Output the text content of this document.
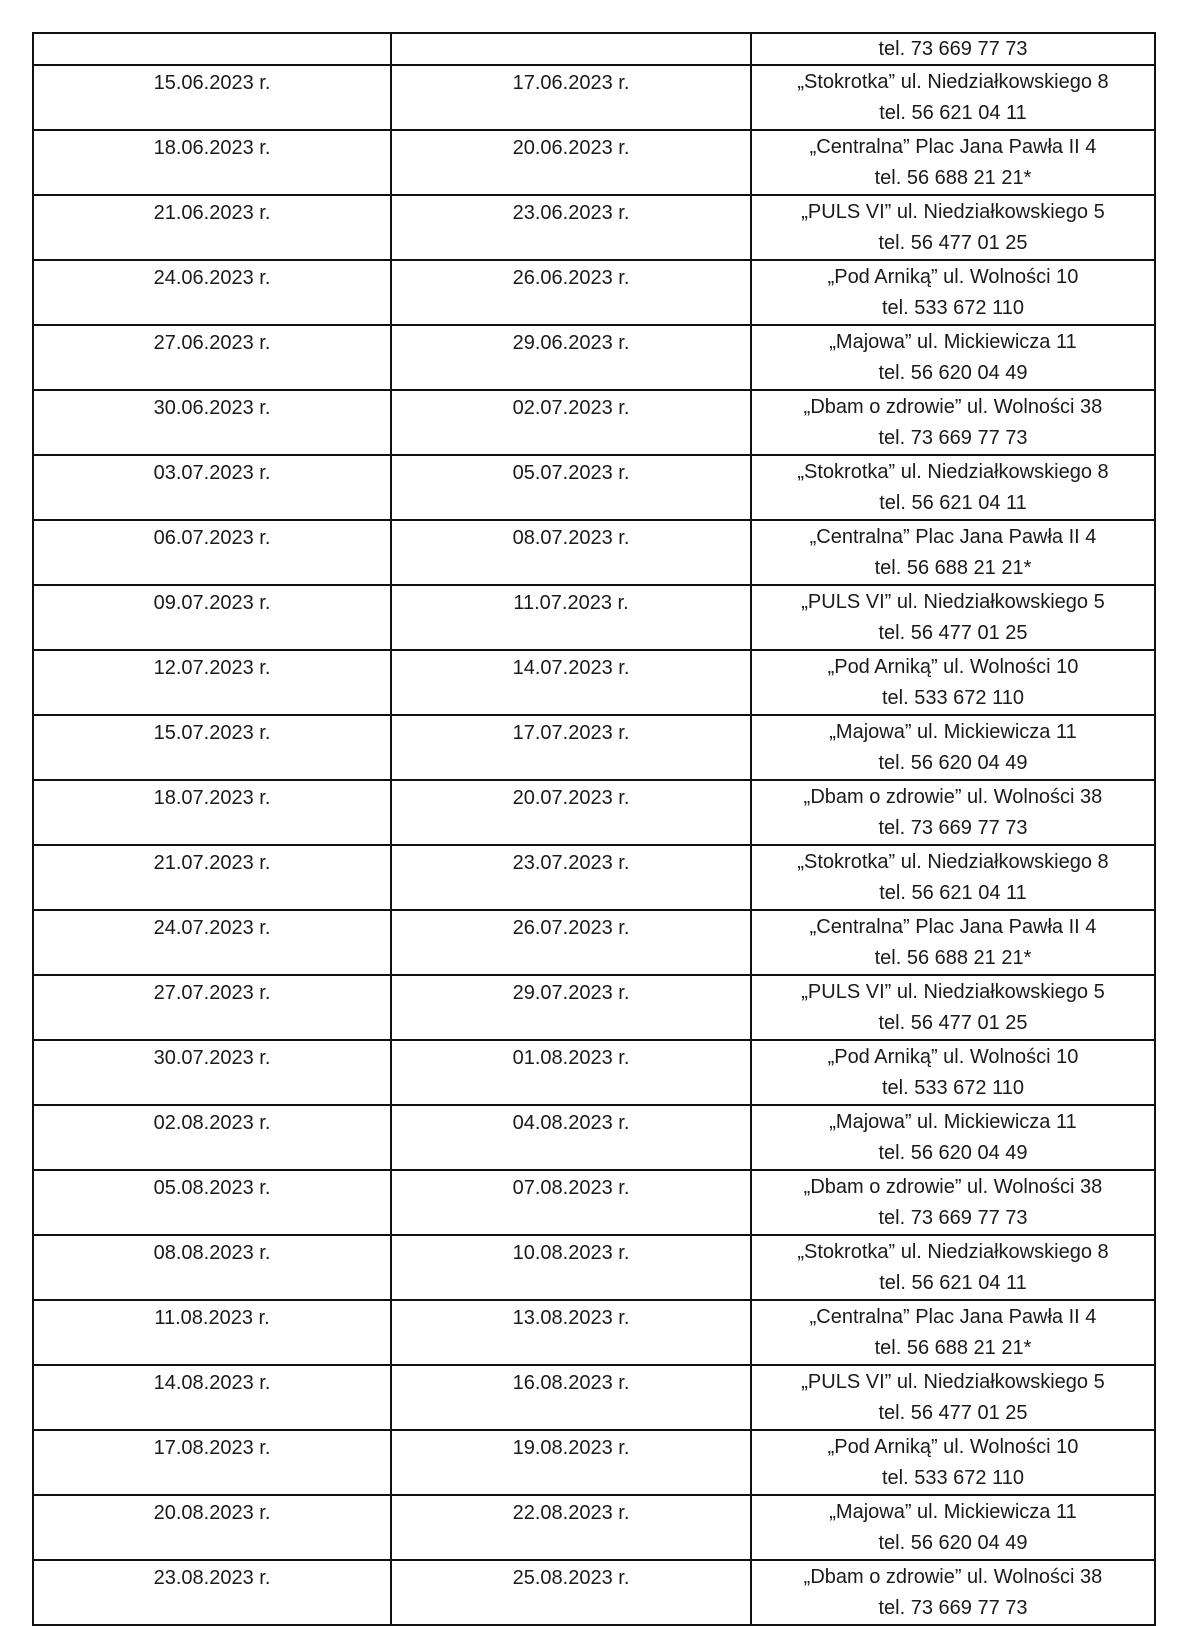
		tel. 73 669 77 73

15.06.2023 r.	17.06.2023 r.	„Stokrotka” ul. Niedziałkowskiego 8
tel. 56 621 04 11

18.06.2023 r.	20.06.2023 r.	„Centralna” Plac Jana Pawła II 4
tel. 56 688 21 21*

21.06.2023 r.	23.06.2023 r.	„PULS VI” ul. Niedziałkowskiego 5
tel. 56 477 01 25

24.06.2023 r.	26.06.2023 r.	„Pod Arniką” ul. Wolności 10
tel. 533 672 110

27.06.2023 r.	29.06.2023 r.	„Majowa” ul. Mickiewicza 11
tel. 56 620 04 49

30.06.2023 r.	02.07.2023 r.	„Dbam o zdrowie” ul. Wolności 38
tel. 73 669 77 73

03.07.2023 r.	05.07.2023 r.	„Stokrotka” ul. Niedziałkowskiego 8
tel. 56 621 04 11

06.07.2023 r.	08.07.2023 r.	„Centralna” Plac Jana Pawła II 4
tel. 56 688 21 21*

09.07.2023 r.	11.07.2023 r.	„PULS VI” ul. Niedziałkowskiego 5
tel. 56 477 01 25

12.07.2023 r.	14.07.2023 r.	„Pod Arniką” ul. Wolności 10
tel. 533 672 110

15.07.2023 r.	17.07.2023 r.	„Majowa” ul. Mickiewicza 11
tel. 56 620 04 49

18.07.2023 r.	20.07.2023 r.	„Dbam o zdrowie” ul. Wolności 38
tel. 73 669 77 73

21.07.2023 r.	23.07.2023 r.	„Stokrotka” ul. Niedziałkowskiego 8
tel. 56 621 04 11

24.07.2023 r.	26.07.2023 r.	„Centralna” Plac Jana Pawła II 4
tel. 56 688 21 21*

27.07.2023 r.	29.07.2023 r.	„PULS VI” ul. Niedziałkowskiego 5
tel. 56 477 01 25

30.07.2023 r.	01.08.2023 r.	„Pod Arniką” ul. Wolności 10
tel. 533 672 110

02.08.2023 r.	04.08.2023 r.	„Majowa” ul. Mickiewicza 11
tel. 56 620 04 49

05.08.2023 r.	07.08.2023 r.	„Dbam o zdrowie” ul. Wolności 38
tel. 73 669 77 73

08.08.2023 r.	10.08.2023 r.	„Stokrotka” ul. Niedziałkowskiego 8
tel. 56 621 04 11

11.08.2023 r.	13.08.2023 r.	„Centralna” Plac Jana Pawła II 4
tel. 56 688 21 21*

14.08.2023 r.	16.08.2023 r.	„PULS VI” ul. Niedziałkowskiego 5
tel. 56 477 01 25

17.08.2023 r.	19.08.2023 r.	„Pod Arniką” ul. Wolności 10
tel. 533 672 110

20.08.2023 r.	22.08.2023 r.	„Majowa” ul. Mickiewicza 11
tel. 56 620 04 49

23.08.2023 r.	25.08.2023 r.	„Dbam o zdrowie” ul. Wolności 38
tel. 73 669 77 73
